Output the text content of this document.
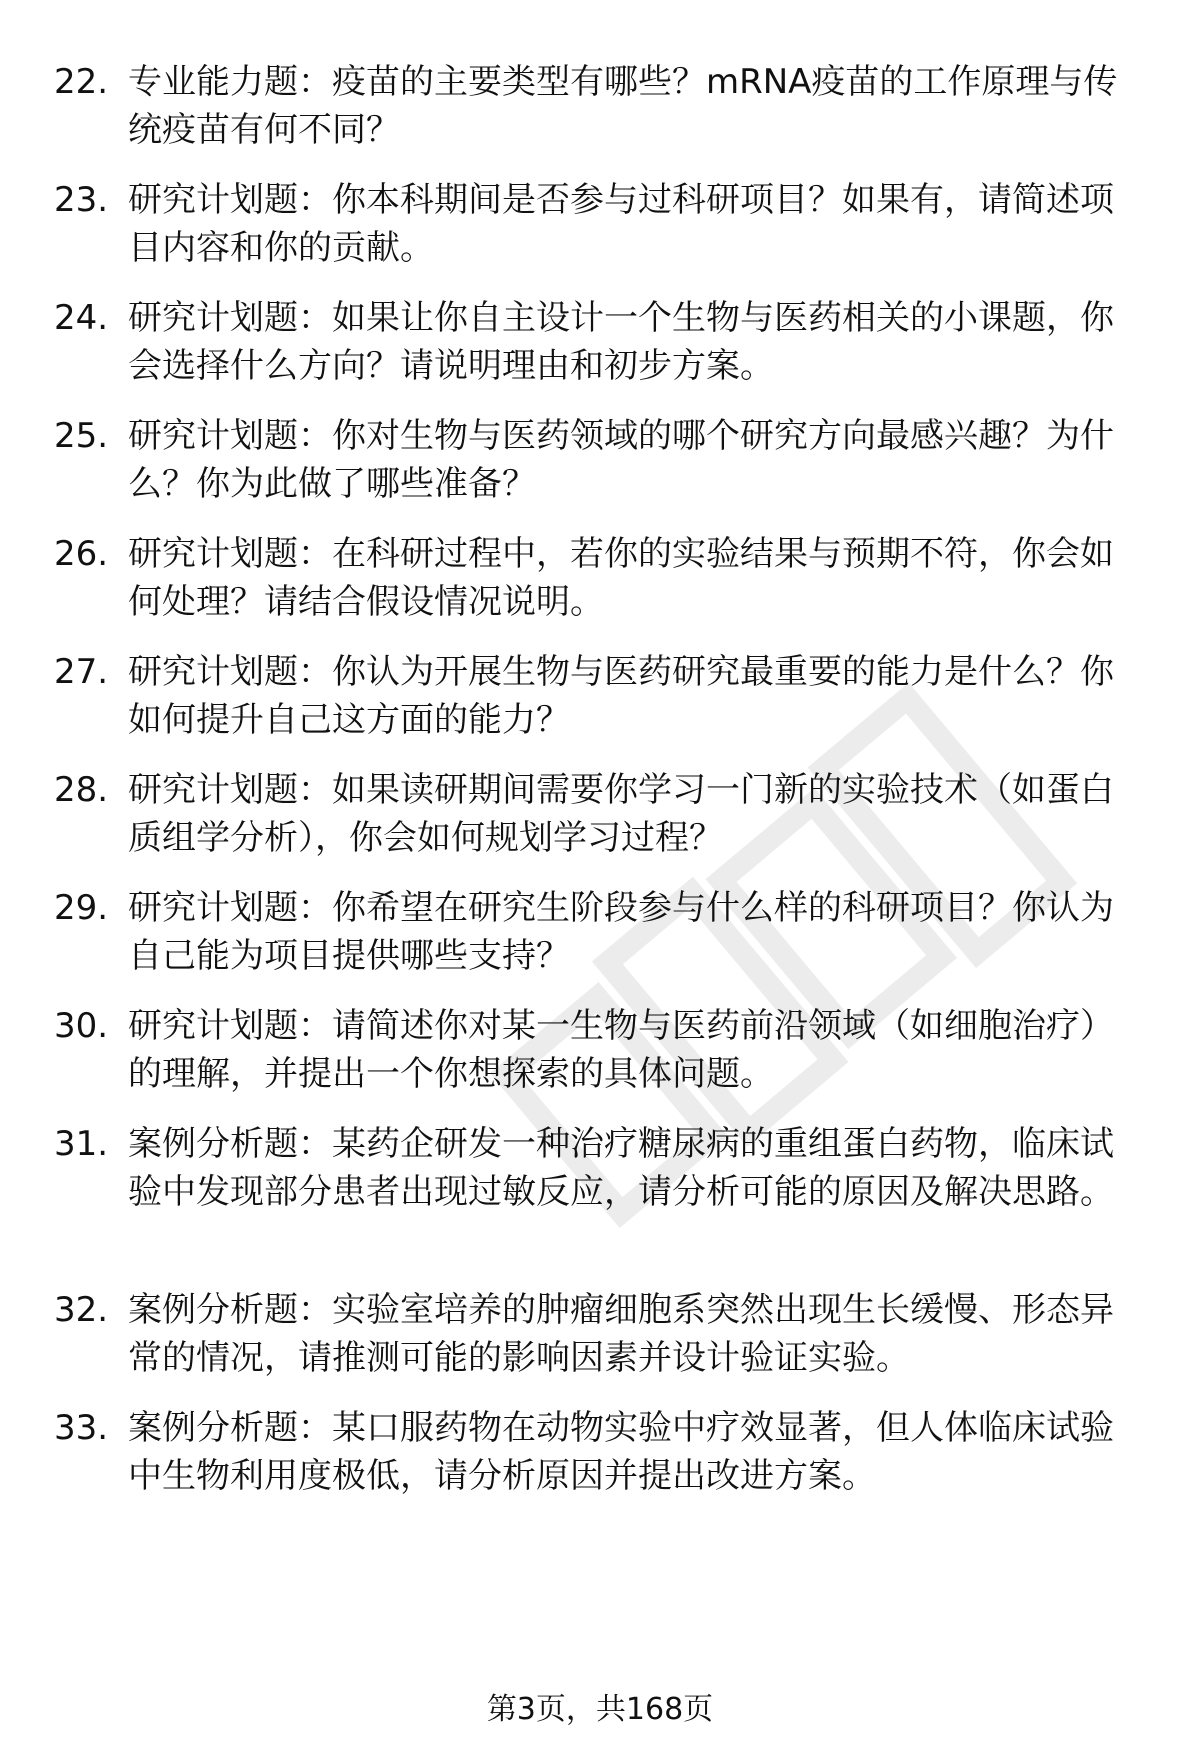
22. 专业能力题：疫苗的主要类型有哪些？mRNA疫苗的工作原理与传统疫苗有何不同？
23. 研究计划题：你本科期间是否参与过科研项目？如果有，请简述项目内容和你的贡献。
24. 研究计划题：如果让你自主设计一个生物与医药相关的小课题，你会选择什么方向？请说明理由和初步方案。
25. 研究计划题：你对生物与医药领域的哪个研究方向最感兴趣？为什么？你为此做了哪些准备？
26. 研究计划题：在科研过程中，若你的实验结果与预期不符，你会如何处理？请结合假设情况说明。
27. 研究计划题：你认为开展生物与医药研究最重要的能力是什么？你如何提升自己这方面的能力？
28. 研究计划题：如果读研期间需要你学习一门新的实验技术（如蛋白质组学分析），你会如何规划学习过程？
29. 研究计划题：你希望在研究生阶段参与什么样的科研项目？你认为自己能为项目提供哪些支持？
30. 研究计划题：请简述你对某一生物与医药前沿领域（如细胞治疗）的理解，并提出一个你想探索的具体问题。
31. 案例分析题：某药企研发一种治疗糖尿病的重组蛋白药物，临床试验中发现部分患者出现过敏反应，请分析可能的原因及解决思路。
32. 案例分析题：实验室培养的肿瘤细胞系突然出现生长缓慢、形态异常的情况，请推测可能的影响因素并设计验证实验。
33. 案例分析题：某口服药物在动物实验中疗效显著，但人体临床试验中生物利用度极低，请分析原因并提出改进方案。
第3页，共168页
